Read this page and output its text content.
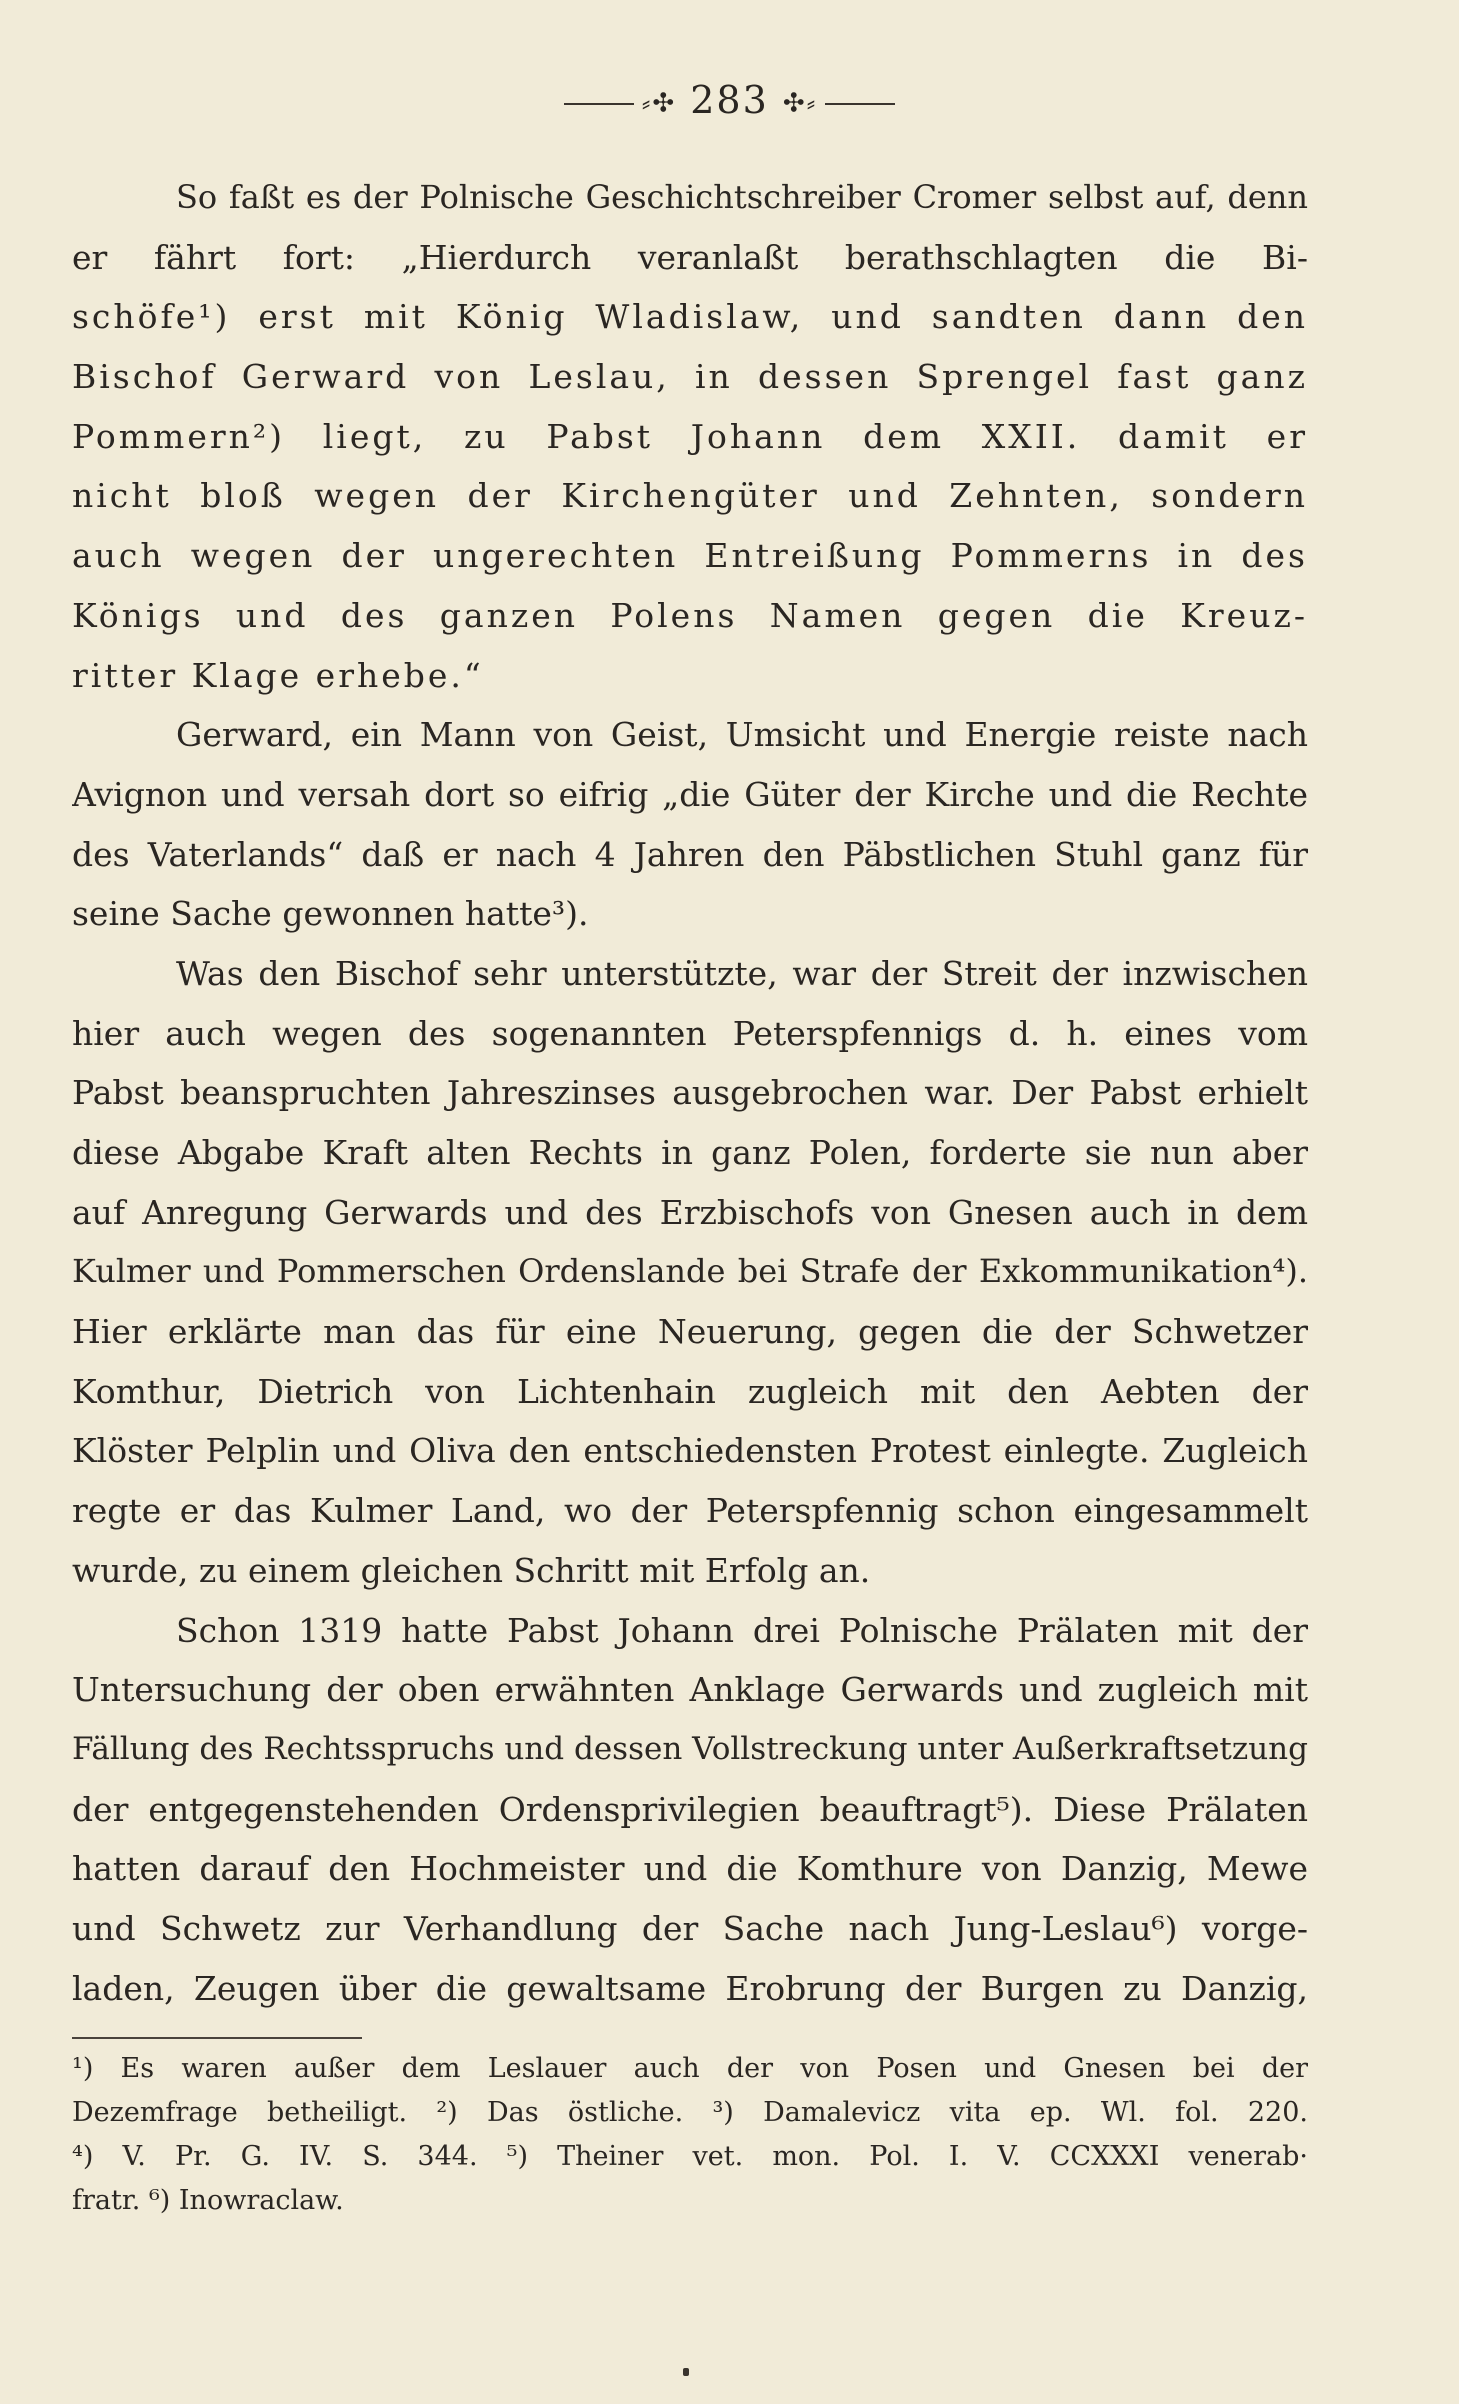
⸗✣ 283 ✣⸗
So faßt es der Polnische Geschichtschreiber Cromer selbst auf, denn
er fährt fort: „Hierdurch veranlaßt berathschlagten die Bi-
schöfe¹) erst mit König Wladislaw, und sandten dann den
Bischof Gerward von Leslau, in dessen Sprengel fast ganz
Pommern²) liegt, zu Pabst Johann dem XXII. damit er
nicht bloß wegen der Kirchengüter und Zehnten, sondern
auch wegen der ungerechten Entreißung Pommerns in des
Königs und des ganzen Polens Namen gegen die Kreuz-
ritter Klage erhebe.“
Gerward, ein Mann von Geist, Umsicht und Energie reiste nach
Avignon und versah dort so eifrig „die Güter der Kirche und die Rechte
des Vaterlands“ daß er nach 4 Jahren den Päbstlichen Stuhl ganz für
seine Sache gewonnen hatte³).
Was den Bischof sehr unterstützte, war der Streit der inzwischen
hier auch wegen des sogenannten Peterspfennigs d. h. eines vom
Pabst beanspruchten Jahreszinses ausgebrochen war. Der Pabst erhielt
diese Abgabe Kraft alten Rechts in ganz Polen, forderte sie nun aber
auf Anregung Gerwards und des Erzbischofs von Gnesen auch in dem
Kulmer und Pommerschen Ordenslande bei Strafe der Exkommunikation⁴).
Hier erklärte man das für eine Neuerung, gegen die der Schwetzer
Komthur, Dietrich von Lichtenhain zugleich mit den Aebten der
Klöster Pelplin und Oliva den entschiedensten Protest einlegte. Zugleich
regte er das Kulmer Land, wo der Peterspfennig schon eingesammelt
wurde, zu einem gleichen Schritt mit Erfolg an.
Schon 1319 hatte Pabst Johann drei Polnische Prälaten mit der
Untersuchung der oben erwähnten Anklage Gerwards und zugleich mit
Fällung des Rechtsspruchs und dessen Vollstreckung unter Außerkraftsetzung
der entgegenstehenden Ordensprivilegien beauftragt⁵). Diese Prälaten
hatten darauf den Hochmeister und die Komthure von Danzig, Mewe
und Schwetz zur Verhandlung der Sache nach Jung-Leslau⁶) vorge-
laden, Zeugen über die gewaltsame Erobrung der Burgen zu Danzig,
¹) Es waren außer dem Leslauer auch der von Posen und Gnesen bei der
Dezemfrage betheiligt. ²) Das östliche. ³) Damalevicz vita ep. Wl. fol. 220.
⁴) V. Pr. G. IV. S. 344. ⁵) Theiner vet. mon. Pol. I. V. CCXXXI venerab·
fratr. ⁶) Inowraclaw.
